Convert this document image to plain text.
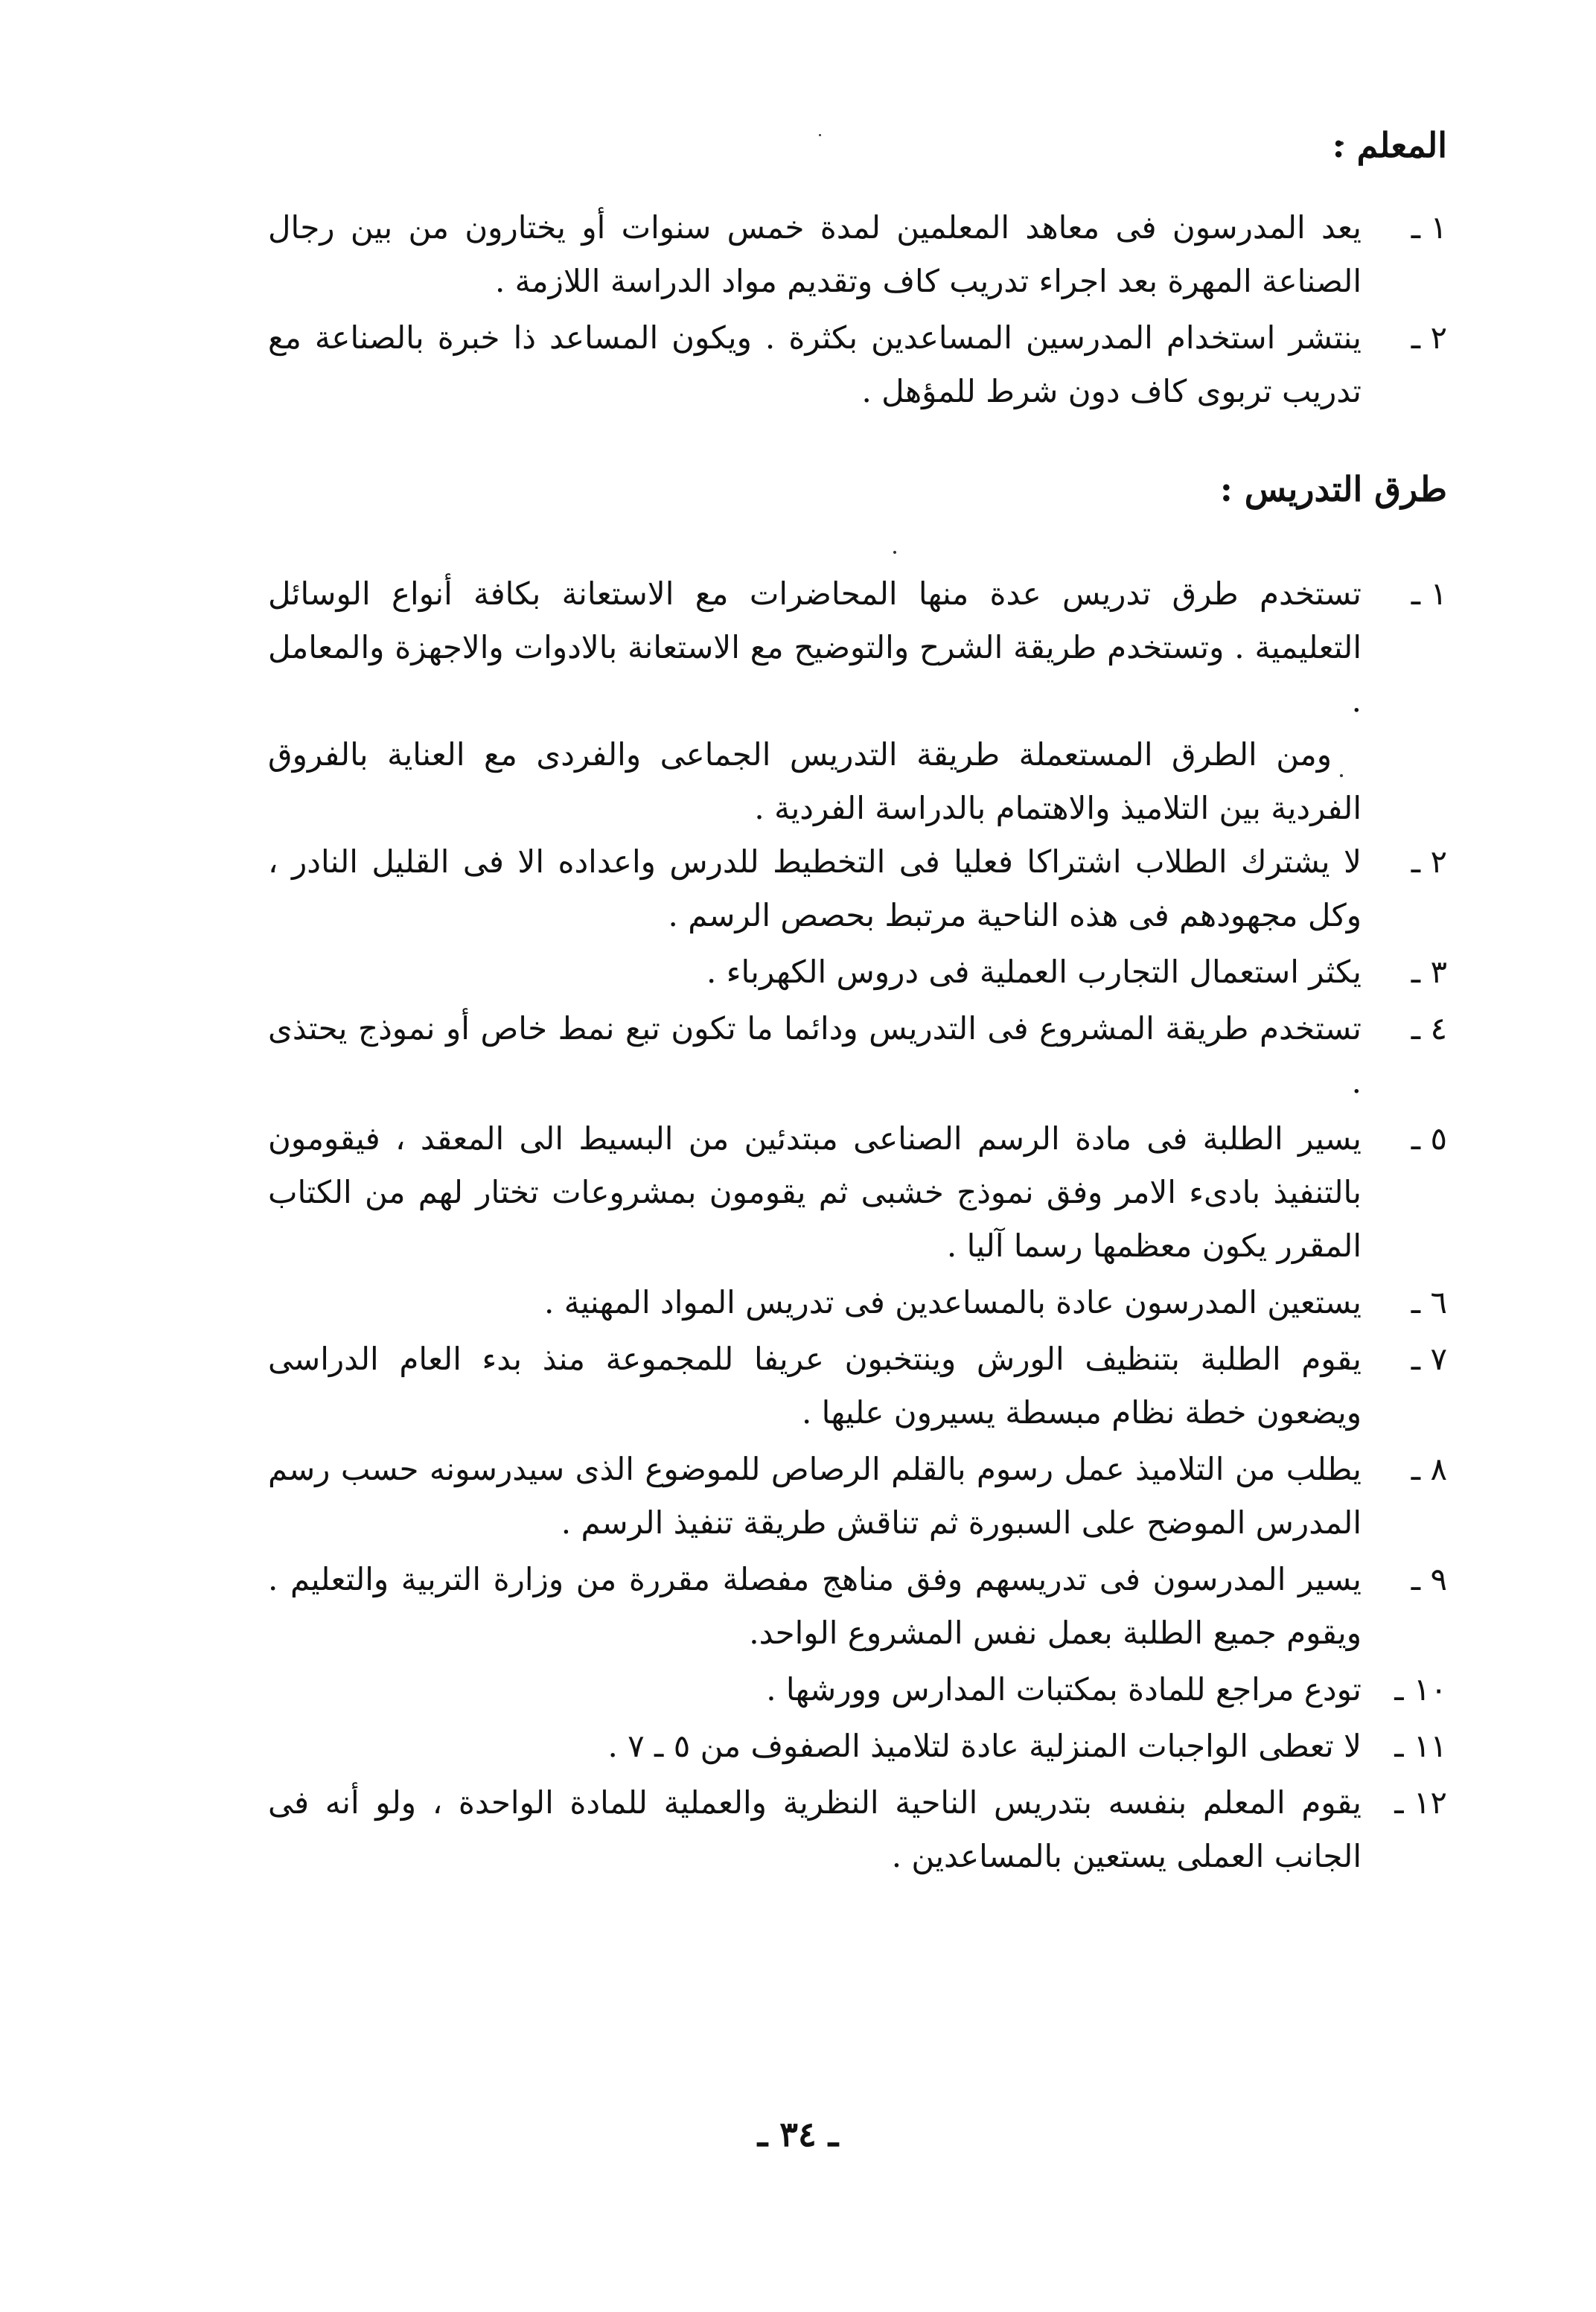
المعلم :
١ ـ
يعد المدرسون فى معاهد المعلمين لمدة خمس سنوات أو يختارون من بين رجال الصناعة المهرة بعد اجراء تدريب كاف وتقديم مواد الدراسة اللازمة .
٢ ـ
ينتشر استخدام المدرسين المساعدين بكثرة . ويكون المساعد ذا خبرة بالصناعة مع تدريب تربوى كاف دون شرط للمؤهل .
طرق التدريس :
١ ـ
تستخدم طرق تدريس عدة منها المحاضرات مع الاستعانة بكافة أنواع الوسائل التعليمية . وتستخدم طريقة الشرح والتوضيح مع الاستعانة بالادوات والاجهزة والمعامل .

ومن الطرق المستعملة طريقة التدريس الجماعى والفردى مع العناية بالفروق الفردية بين التلاميذ والاهتمام بالدراسة الفردية .

٢ ـ
لا يشترك الطلاب اشتراكا فعليا فى التخطيط للدرس واعداده الا فى القليل النادر ، وكل مجهودهم فى هذه الناحية مرتبط بحصص الرسم .
٣ ـ
يكثر استعمال التجارب العملية فى دروس الكهرباء .
٤ ـ
تستخدم طريقة المشروع فى التدريس ودائما ما تكون تبع نمط خاص أو نموذج يحتذى .
٥ ـ
يسير الطلبة فى مادة الرسم الصناعى مبتدئين من البسيط الى المعقد ، فيقومون بالتنفيذ بادىء الامر وفق نموذج خشبى ثم يقومون بمشروعات تختار لهم من الكتاب المقرر يكون معظمها رسما آليا .
٦ ـ
يستعين المدرسون عادة بالمساعدين فى تدريس المواد المهنية .
٧ ـ
يقوم الطلبة بتنظيف الورش وينتخبون عريفا للمجموعة منذ بدء العام الدراسى ويضعون خطة نظام مبسطة يسيرون عليها .
٨ ـ
يطلب من التلاميذ عمل رسوم بالقلم الرصاص للموضوع الذى سيدرسونه حسب رسم المدرس الموضح على السبورة ثم تناقش طريقة تنفيذ الرسم .
٩ ـ
يسير المدرسون فى تدريسهم وفق مناهج مفصلة مقررة من وزارة التربية والتعليم . ويقوم جميع الطلبة بعمل نفس المشروع الواحد.
١٠ ـ
تودع مراجع للمادة بمكتبات المدارس وورشها .
١١ ـ
لا تعطى الواجبات المنزلية عادة لتلاميذ الصفوف من ٥ ـ ٧ .
١٢ ـ
يقوم المعلم بنفسه بتدريس الناحية النظرية والعملية للمادة الواحدة ، ولو أنه فى الجانب العملى يستعين بالمساعدين .
ـ ٣٤ ـ
